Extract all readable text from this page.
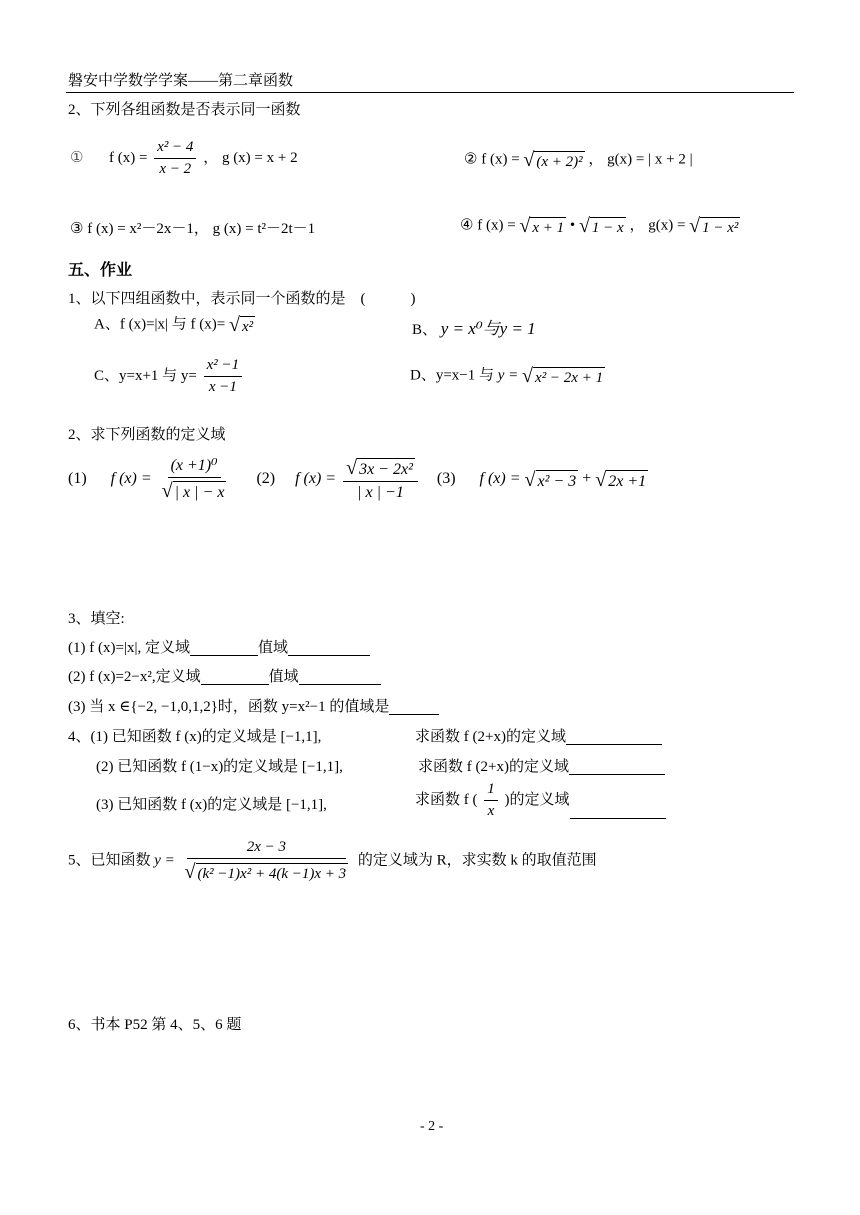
磐安中学数学学案——第二章函数
2、下列各组函数是否表示同一函数
① f $(x) = \frac{\text{x² − 4}}{x - 2}$ ， g (x) = x + 2	② f (x) = √ (x + 2)² ， g(x) = | x + 2 |
③ f (x) = x²－2x－1， g (x) = t²－2t－1	④ f (x) = √ x + 1 • √ 1 − x ， g(x) = √ 1 − x²
五、作业
1、以下四组函数中，表示同一个函数的是　(　　　)
A、f (x)=|x| 与 f (x)= √ x²	B、 y = x⁰与y = 1
C、y=x+1 与 $y= \frac{\text{x² −1}}{x -1}$	D、y=x−1 与 y = √ x² − 2x + 1
2、求下列函数的定义域
(1) f $(x) = \frac{\text{(x +1)⁰}}{√ | x | - x} (2)$ f $(x) = \frac{\text{√ 3x − 2x²}}{| x | -1} (3)$ f (x) = √ x² − 3 + √ 2x +1
3、填空:
(1) f (x)=|x|, 定义域	值域
(2) f (x)=2−x²,定义域	值域
(3) 当 x ∈{−2, −1,0,1,2}时，函数 y=x²−1 的值域是
4、(1) 已知函数 f (x)的定义域是 [−1,1],	求函数 f (2+x)的定义域
(2) 已知函数 f (1−x)的定义域是 [−1,1],	求函数 f (2+x)的定义域
(3) 已知函数 f (x)的定义域是 [−1,1],	求函数 f ( $\frac{1}{x}$ )的定义域
5、已知函数 $y = \frac{2x - 3}{\text{√ (k² −1)x² + 4(k −1)x + 3}}$ 的定义域为 R，求实数 k 的取值范围
6、书本 P52 第 4、5、6 题
- 2 -
